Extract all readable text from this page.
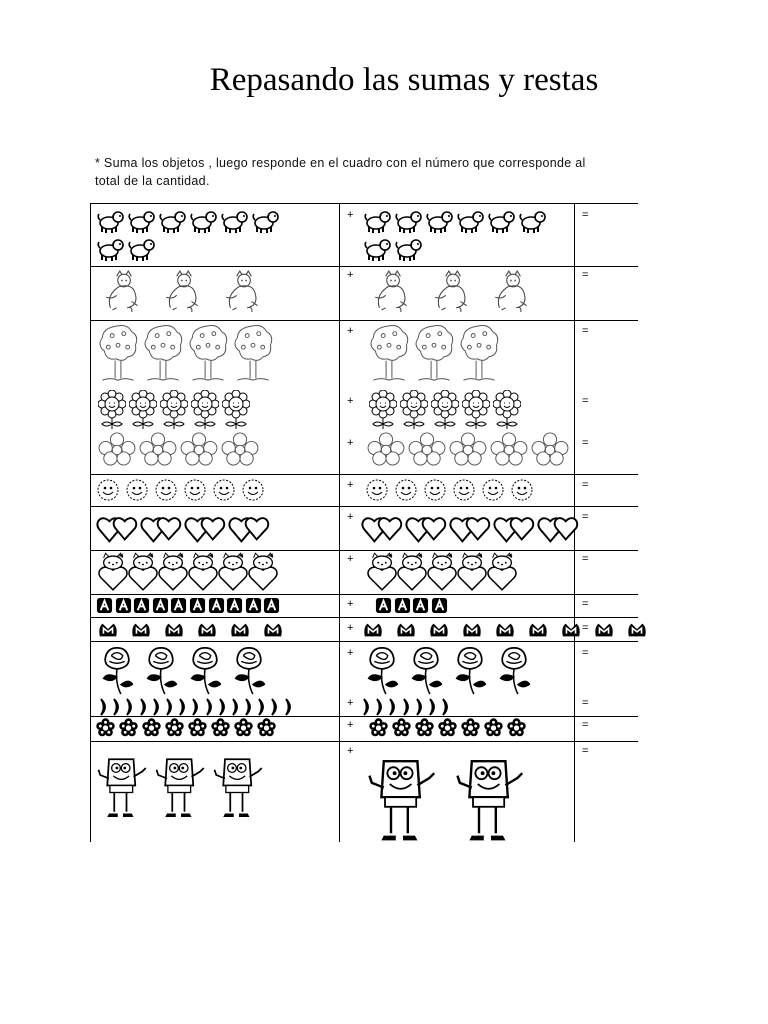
Repasando las sumas y restas
* Suma los objetos , luego responde en el cuadro con el número que corresponde al
total de la cantidad.
+	=
+	=
+	=
+	=
+	=
+	=
+	=
+	=
+	=
+	=
+	=
+	=
+	=
+	=
